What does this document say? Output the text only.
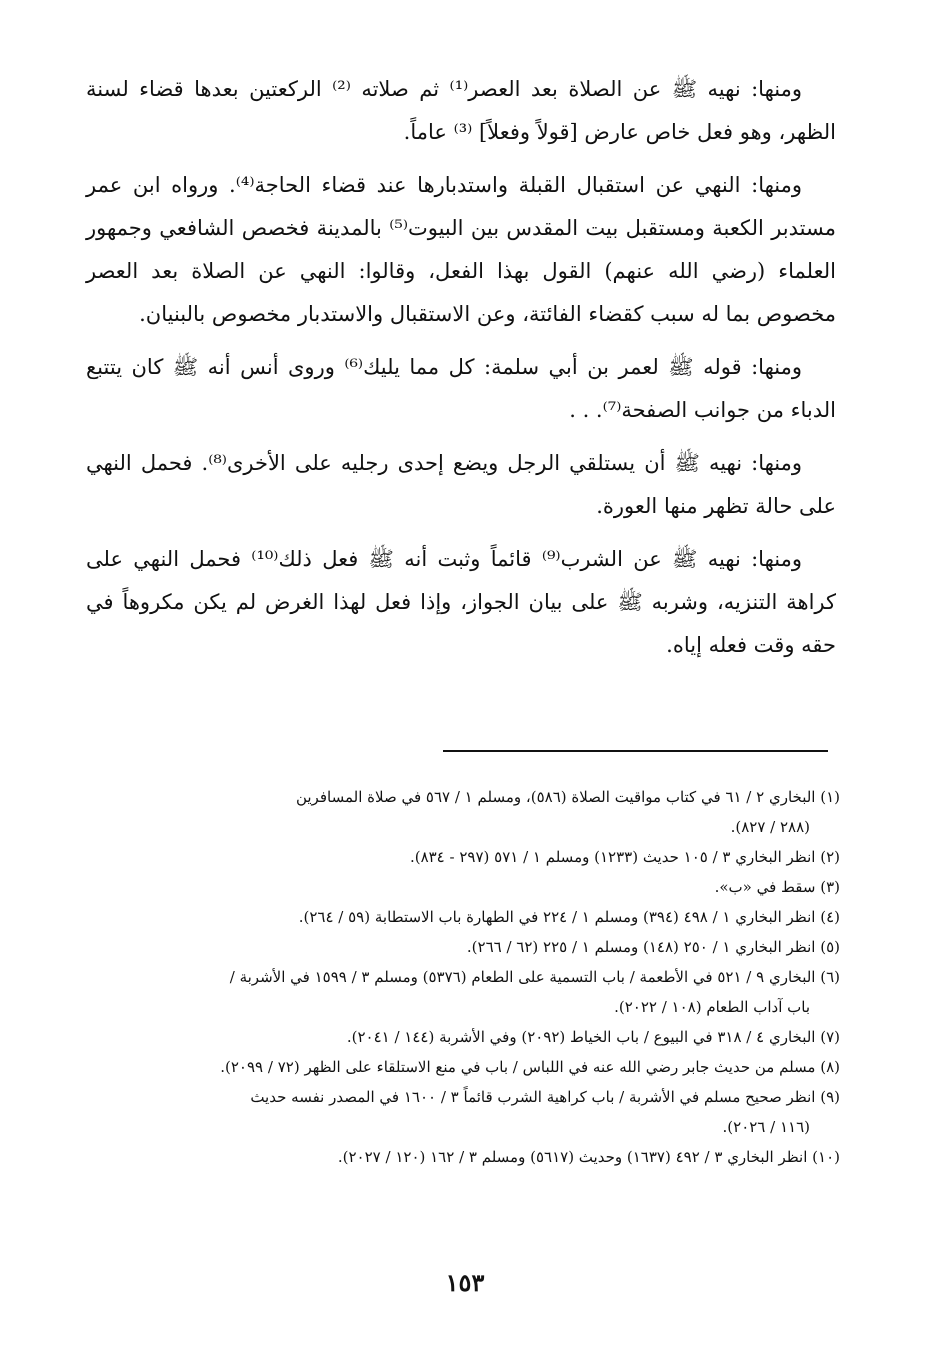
ومنها: نهيه ﷺ عن الصلاة بعد العصر⁽¹⁾ ثم صلاته ⁽²⁾ الركعتين بعدها قضاء لسنة الظهر، وهو فعل خاص عارض [قولاً وفعلاً] ⁽³⁾ عاماً.

ومنها: النهي عن استقبال القبلة واستدبارها عند قضاء الحاجة⁽⁴⁾. ورواه ابن عمر مستدبر الكعبة ومستقبل بيت المقدس بين البيوت⁽⁵⁾ بالمدينة فخصص الشافعي وجمهور العلماء (رضي الله عنهم) القول بهذا الفعل، وقالوا: النهي عن الصلاة بعد العصر مخصوص بما له سبب كقضاء الفائتة، وعن الاستقبال والاستدبار مخصوص بالبنيان.

ومنها: قوله ﷺ لعمر بن أبي سلمة: كل مما يليك⁽⁶⁾ وروى أنس أنه ﷺ كان يتتبع الدباء من جوانب الصفحة⁽⁷⁾. . .

ومنها: نهيه ﷺ أن يستلقي الرجل ويضع إحدى رجليه على الأخرى⁽⁸⁾. فحمل النهي على حالة تظهر منها العورة.

ومنها: نهيه ﷺ عن الشرب⁽⁹⁾ قائماً وثبت أنه ﷺ فعل ذلك⁽¹⁰⁾ فحمل النهي على كراهة التنزيه، وشربه ﷺ على بيان الجواز، وإذا فعل لهذا الغرض لم يكن مكروهاً في حقه وقت فعله إياه.

(١) البخاري ٢ / ٦١ في كتاب مواقيت الصلاة (٥٨٦)، ومسلم ١ / ٥٦٧ في صلاة المسافرين
(٢٨٨ / ٨٢٧).

(٢) انظر البخاري ٣ / ١٠٥ حديث (١٢٣٣) ومسلم ١ / ٥٧١ (٢٩٧ - ٨٣٤).

(٣) سقط في «ب».

(٤) انظر البخاري ١ / ٤٩٨ (٣٩٤) ومسلم ١ / ٢٢٤ في الطهارة باب الاستطابة (٥٩ / ٢٦٤).

(٥) انظر البخاري ١ / ٢٥٠ (١٤٨) ومسلم ١ / ٢٢٥ (٦٢ / ٢٦٦).

(٦) البخاري ٩ / ٥٢١ في الأطعمة / باب التسمية على الطعام (٥٣٧٦) ومسلم ٣ / ١٥٩٩ في الأشربة /
باب آداب الطعام (١٠٨ / ٢٠٢٢).

(٧) البخاري ٤ / ٣١٨ في البيوع / باب الخياط (٢٠٩٢) وفي الأشربة (١٤٤ / ٢٠٤١).

(٨) مسلم من حديث جابر رضي الله عنه في اللباس / باب في منع الاستلقاء على الظهر (٧٢ / ٢٠٩٩).

(٩) انظر صحيح مسلم في الأشربة / باب كراهية الشرب قائماً ٣ / ١٦٠٠ في المصدر نفسه حديث
(١١٦ / ٢٠٢٦).

(١٠) انظر البخاري ٣ / ٤٩٢ (١٦٣٧) وحديث (٥٦١٧) ومسلم ٣ / ١٦٢ (١٢٠ / ٢٠٢٧).

١٥٣
